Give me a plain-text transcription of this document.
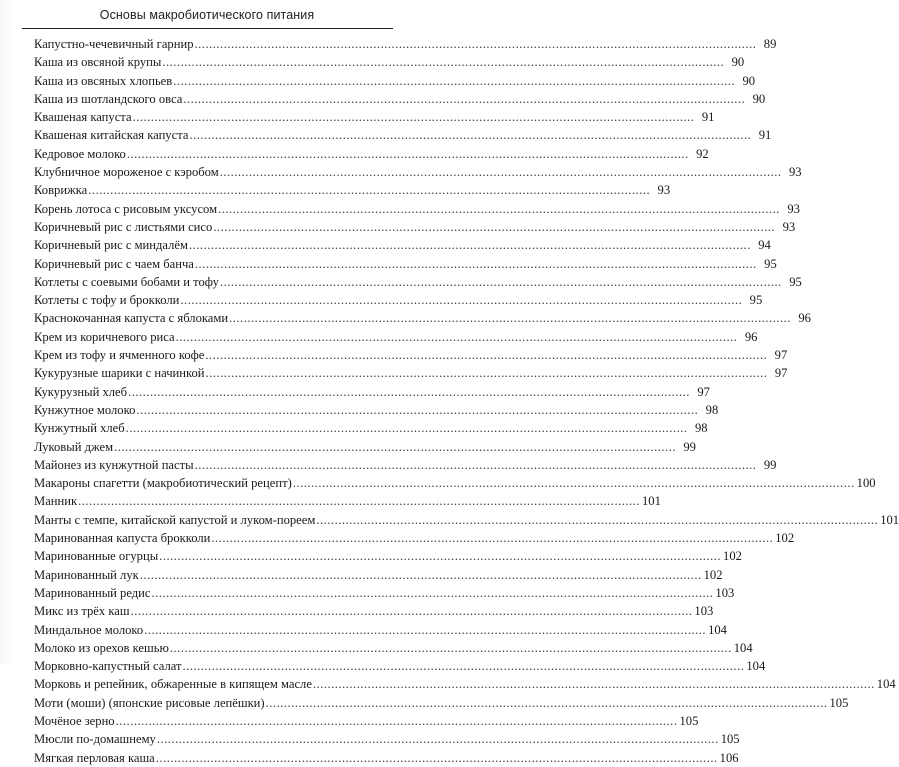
Основы макробиотического питания
Капустно-чечевичный гарнир .....	89
Каша из овсяной крупы .....	90
Каша из овсяных хлопьев .....	90
Каша из шотландского овса .....	90
Квашеная капуста .....	91
Квашеная китайская капуста .....	91
Кедровое молоко .....	92
Клубничное мороженое с кэробом .....	93
Коврижка .....	93
Корень лотоса с рисовым уксусом .....	93
Коричневый рис с листьями сисо .....	93
Коричневый рис с миндалём .....	94
Коричневый рис с чаем банча .....	95
Котлеты с соевыми бобами и тофу .....	95
Котлеты с тофу и брокколи .....	95
Краснокочанная капуста с яблоками .....	96
Крем из коричневого риса .....	96
Крем из тофу и ячменного кофе .....	97
Кукурузные шарики с начинкой .....	97
Кукурузный хлеб .....	97
Кунжутное молоко .....	98
Кунжутный хлеб .....	98
Луковый джем .....	99
Майонез из кунжутной пасты .....	99
Макароны спагетти (макробиотический рецепт) .....	100
Манник .....	101
Манты с темпе, китайской капустой и луком-пореем .....	101
Маринованная капуста брокколи .....	102
Маринованные огурцы .....	102
Маринованный лук .....	102
Маринованный редис .....	103
Микс из трёх каш .....	103
Миндальное молоко .....	104
Молоко из орехов кешью .....	104
Морковно-капустный салат .....	104
Морковь и репейник, обжаренные в кипящем масле .....	104
Моти (моши) (японские рисовые лепёшки) .....	105
Мочёное зерно .....	105
Мюсли по-домашнему .....	105
Мягкая перловая каша .....	106
